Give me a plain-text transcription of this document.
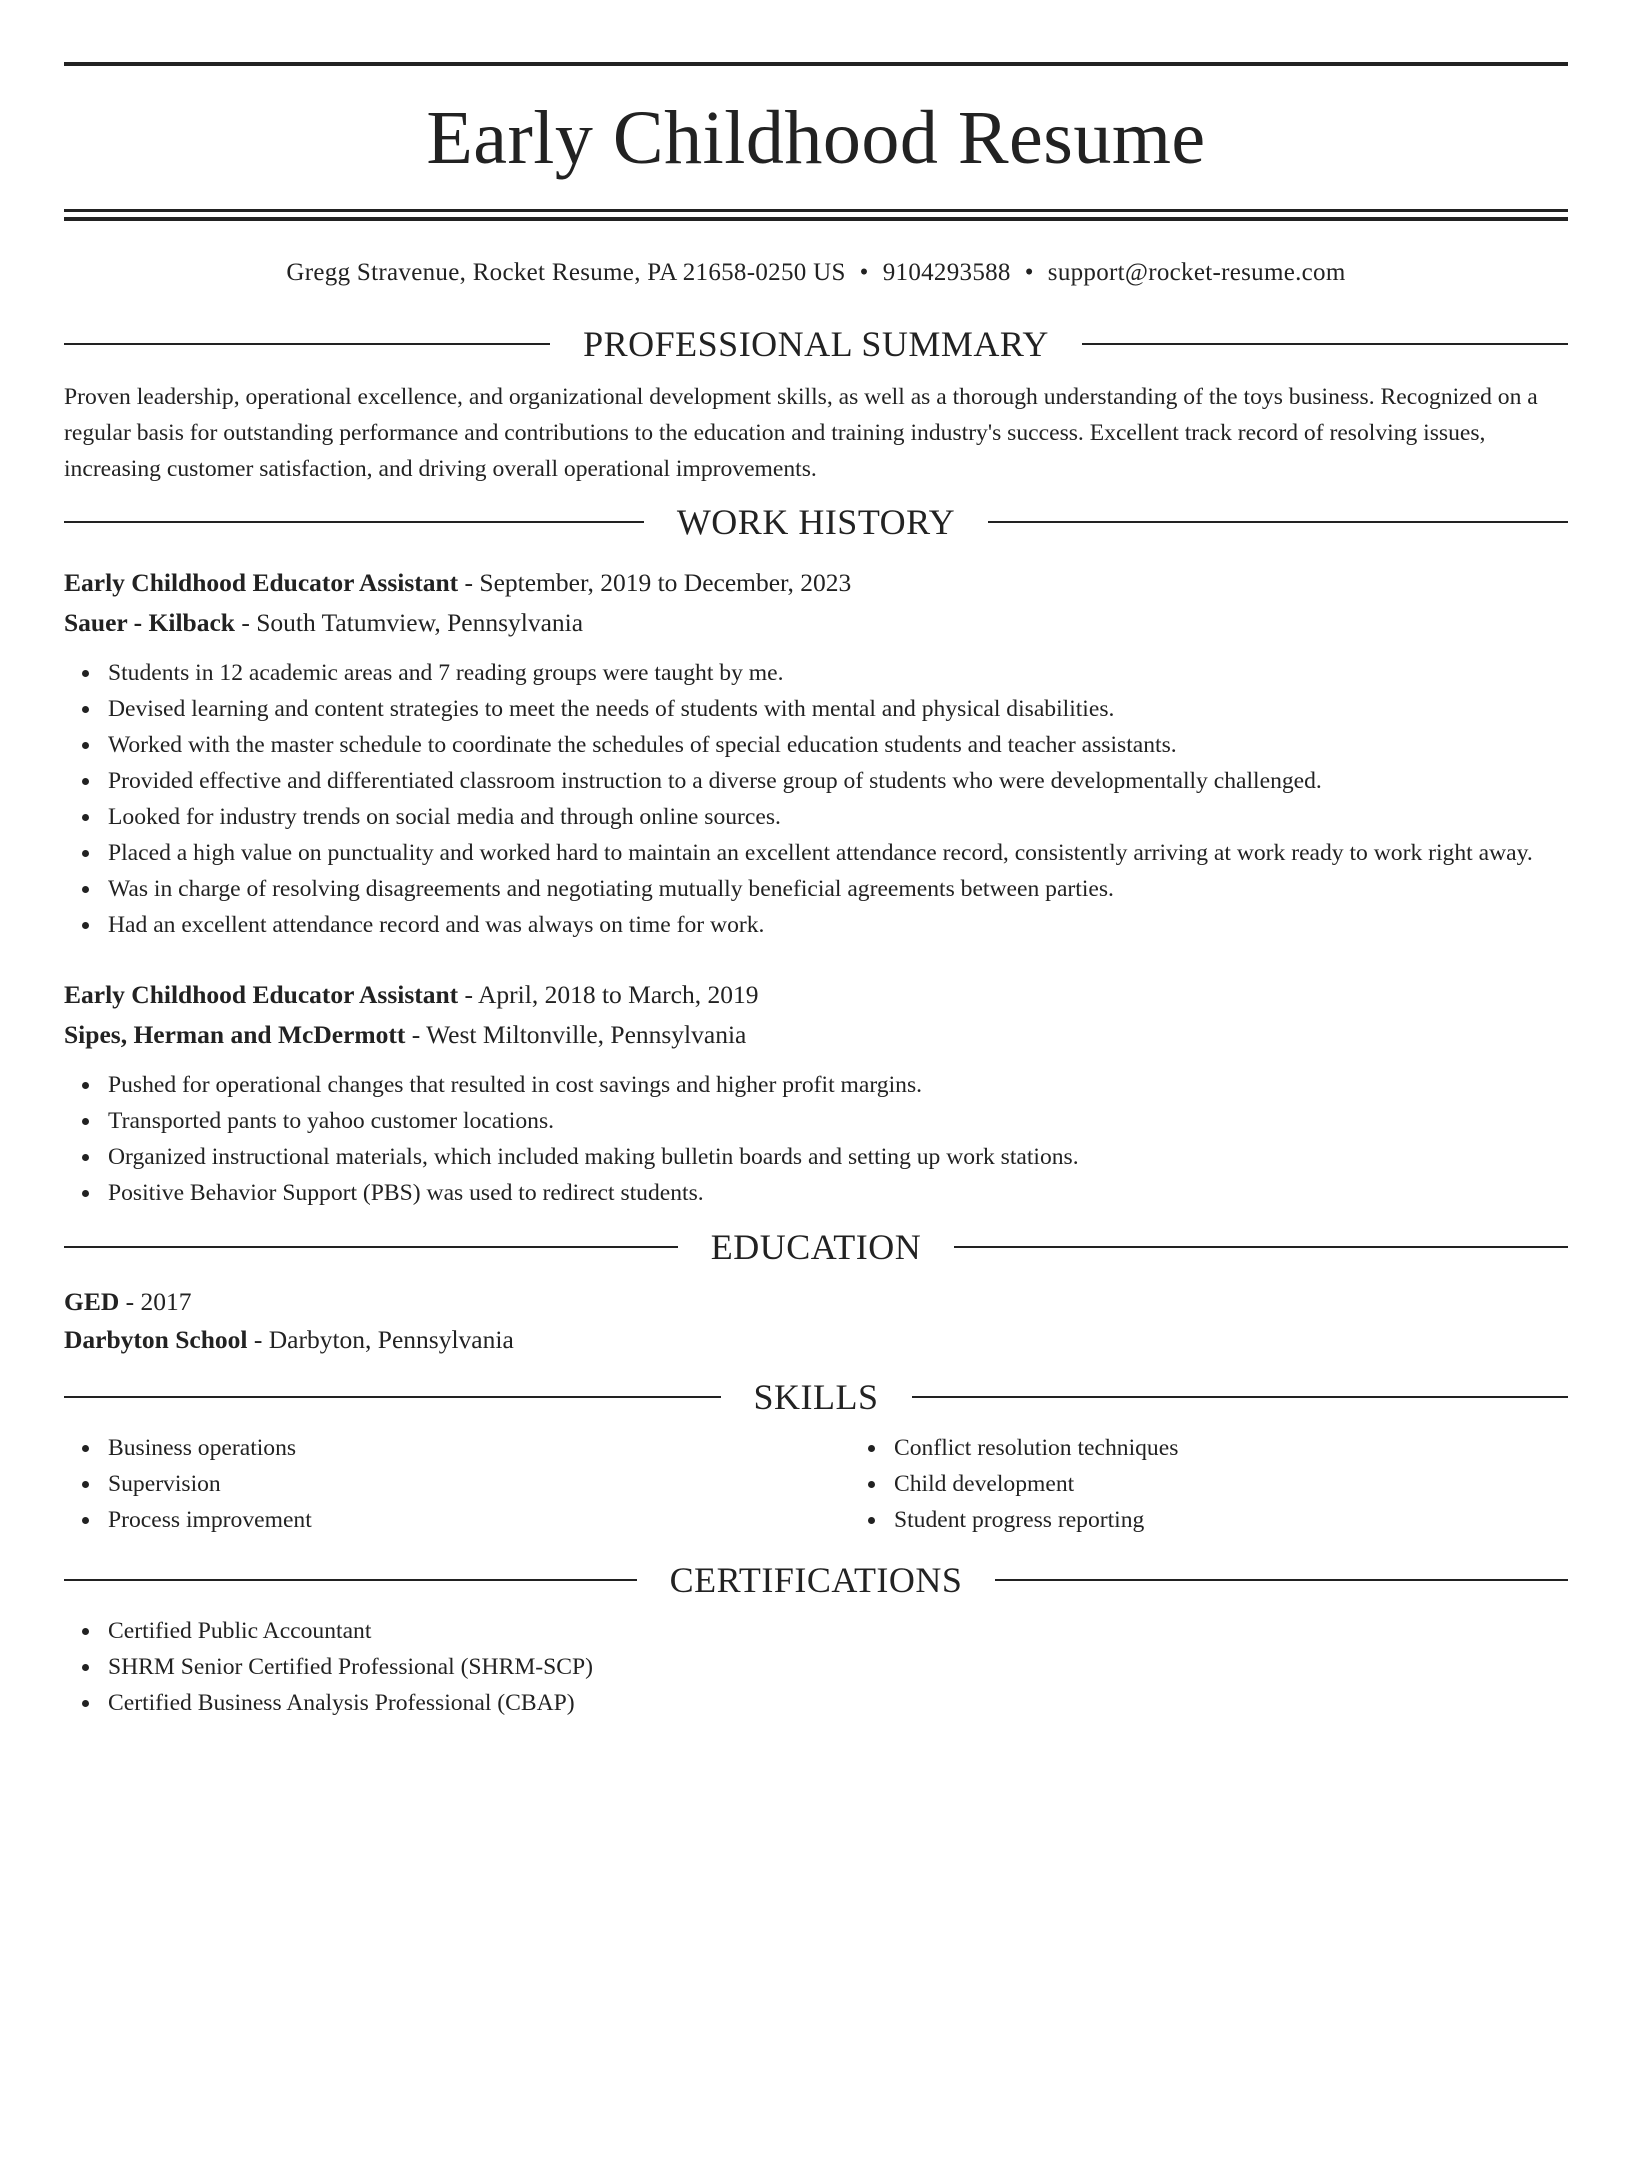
Early Childhood Resume
Gregg Stravenue, Rocket Resume, PA 21658-0250 US • 9104293588 • support@rocket-resume.com
PROFESSIONAL SUMMARY

Proven leadership, operational excellence, and organizational development skills, as well as a thorough understanding of the toys business. Recognized on a regular basis for outstanding performance and contributions to the education and training industry's success. Excellent track record of resolving issues, increasing customer satisfaction, and driving overall operational improvements.

WORK HISTORY

Early Childhood Educator Assistant - September, 2019 to December, 2023

Sauer - Kilback - South Tatumview, Pennsylvania

Students in 12 academic areas and 7 reading groups were taught by me.
Devised learning and content strategies to meet the needs of students with mental and physical disabilities.
Worked with the master schedule to coordinate the schedules of special education students and teacher assistants.
Provided effective and differentiated classroom instruction to a diverse group of students who were developmentally challenged.
Looked for industry trends on social media and through online sources.
Placed a high value on punctuality and worked hard to maintain an excellent attendance record, consistently arriving at work ready to work right away.
Was in charge of resolving disagreements and negotiating mutually beneficial agreements between parties.
Had an excellent attendance record and was always on time for work.

Early Childhood Educator Assistant - April, 2018 to March, 2019

Sipes, Herman and McDermott - West Miltonville, Pennsylvania

Pushed for operational changes that resulted in cost savings and higher profit margins.
Transported pants to yahoo customer locations.
Organized instructional materials, which included making bulletin boards and setting up work stations.
Positive Behavior Support (PBS) was used to redirect students.
EDUCATION

GED - 2017

Darbyton School - Darbyton, Pennsylvania

SKILLS
Business operations
Supervision
Process improvement
Conflict resolution techniques
Child development
Student progress reporting
CERTIFICATIONS
Certified Public Accountant
SHRM Senior Certified Professional (SHRM-SCP)
Certified Business Analysis Professional (CBAP)
